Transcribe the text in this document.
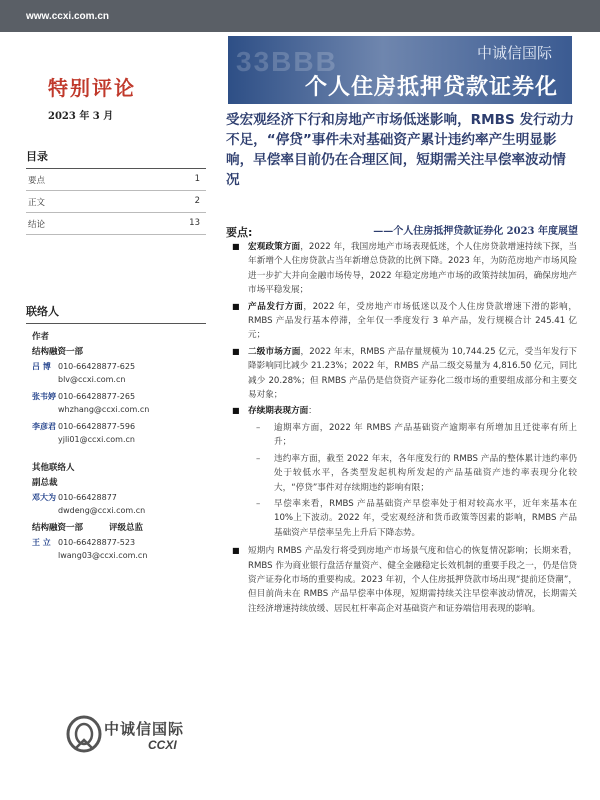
www.ccxi.com.cn
33BBB	中诚信国际
个人住房抵押贷款证券化
特别评论
2023 年 3 月	受宏观经济下行和房地产市场低迷影响，RMBS 发行动力不足，“停贷”事件未对基础资产累计违约率产生明显影响，早偿率目前仍在合理区间，短期需关注早偿率波动情况
——个人住房抵押贷款证券化 2023 年度展望
目录
要点	1
正文	2
结论	13
联络人
作者
结构融资一部
吕 博 010-66428877-625
blv@ccxi.com.cn
张韦婷 010-66428877-265
whzhang@ccxi.com.cn
李彦君 010-66428877-596
yjli01@ccxi.com.cn
其他联络人
副总裁
邓大为 010-66428877
dwdeng@ccxi.com.cn
结构融资一部	评级总监
王 立 010-66428877-523
lwang03@ccxi.com.cn
要点:
■ 宏观政策方面，2022 年，我国房地产市场表现低迷，个人住房贷款增速持续下探，当年新增个人住房贷款占当年新增总贷款的比例下降。2023 年，为防范房地产市场风险进一步扩大并向金融市场传导，2022 年稳定房地产市场的政策持续加码，确保房地产市场平稳发展；
■ 产品发行方面，2022 年，受房地产市场低迷以及个人住房贷款增速下滑的影响，RMBS 产品发行基本停滞，全年仅一季度发行 3 单产品，发行规模合计 245.41 亿元；
■ 二级市场方面，2022 年末，RMBS 产品存量规模为 10,744.25 亿元，受当年发行下降影响同比减少 21.23%；2022 年，RMBS 产品二级交易量为 4,816.50 亿元，同比减少 20.28%；但 RMBS 产品仍是信贷资产证券化二级市场的重要组成部分和主要交易对象；
■ 存续期表现方面：
–	逾期率方面，2022 年 RMBS 产品基础资产逾期率有所增加且迁徙率有所上升；
–	违约率方面，截至 2022 年末，各年度发行的 RMBS 产品的整体累计违约率仍处于较低水平，各类型发起机构所发起的产品基础资产违约率表现分化较大，“停贷”事件对存续期违约影响有限；
–	早偿率来看，RMBS 产品基础资产早偿率处于相对较高水平，近年来基本在 10%上下波动。2022 年，受宏观经济和货币政策等因素的影响，RMBS 产品基础资产早偿率呈先上升后下降态势。
■ 短期内 RMBS 产品发行将受到房地产市场景气度和信心的恢复情况影响；长期来看，RMBS 作为商业银行盘活存量资产、健全金融稳定长效机制的重要手段之一，仍是信贷资产证券化市场的重要构成。2023 年初，个人住房抵押贷款市场出现“提前还贷潮”，但目前尚未在 RMBS 产品早偿率中体现，短期需持续关注早偿率波动情况，长期需关注经济增速持续放缓、居民杠杆率高企对基础资产和证券端信用表现的影响。
中诚信国际
CCXI
